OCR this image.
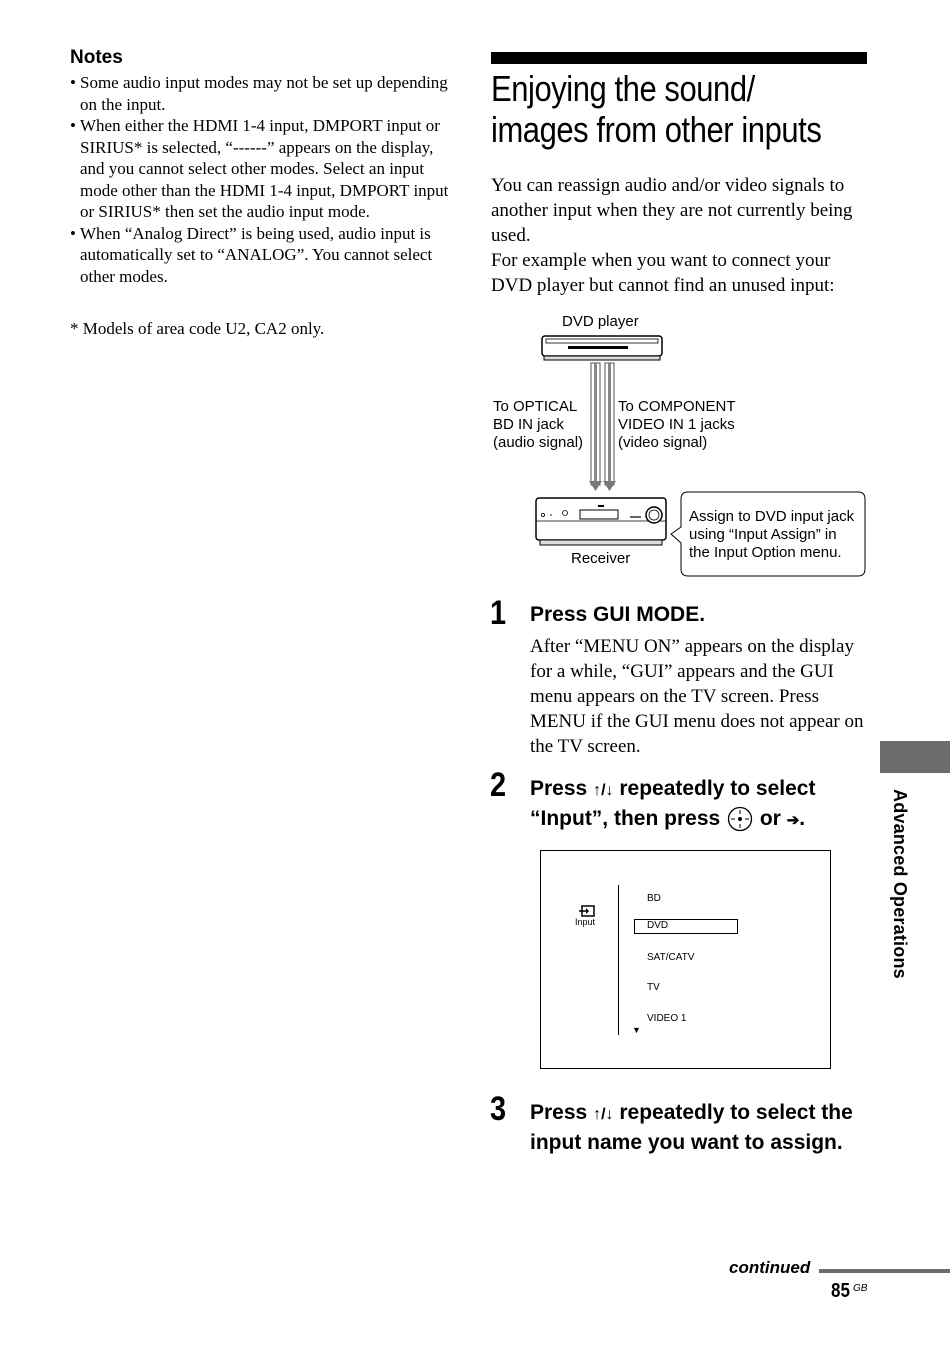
Notes
• Some audio input modes may not be set up depending on the input.
• When either the HDMI 1-4 input, DMPORT input or SIRIUS* is selected, “------” appears on the display, and you cannot select other modes. Select an input mode other than the HDMI 1-4 input, DMPORT input or SIRIUS* then set the audio input mode.
• When “Analog Direct” is being used, audio input is automatically set to “ANALOG”. You cannot select other modes.
* Models of area code U2, CA2 only.
Enjoying the sound/
images from other inputs

You can reassign audio and/or video signals to another input when they are not currently being used.

For example when you want to connect your DVD player but cannot find an unused input:

DVD player
To OPTICAL BD IN jack (audio signal)
To COMPONENT VIDEO IN 1 jacks (video signal)
Receiver
Assign to DVD input jack using “Input Assign” in the Input Option menu.
1 Press GUI MODE.
After “MENU ON” appears on the display for a while, “GUI” appears and the GUI menu appears on the TV screen. Press MENU if the GUI menu does not appear on the TV screen.
2 Press ↑/↓ repeatedly to select “Input”, then press  or ➔.
Input
BD
DVD
SAT/CATV
TV
VIDEO 1
▼
3 Press ↑/↓ repeatedly to select the input name you want to assign.
Advanced Operations
continued
85 GB
